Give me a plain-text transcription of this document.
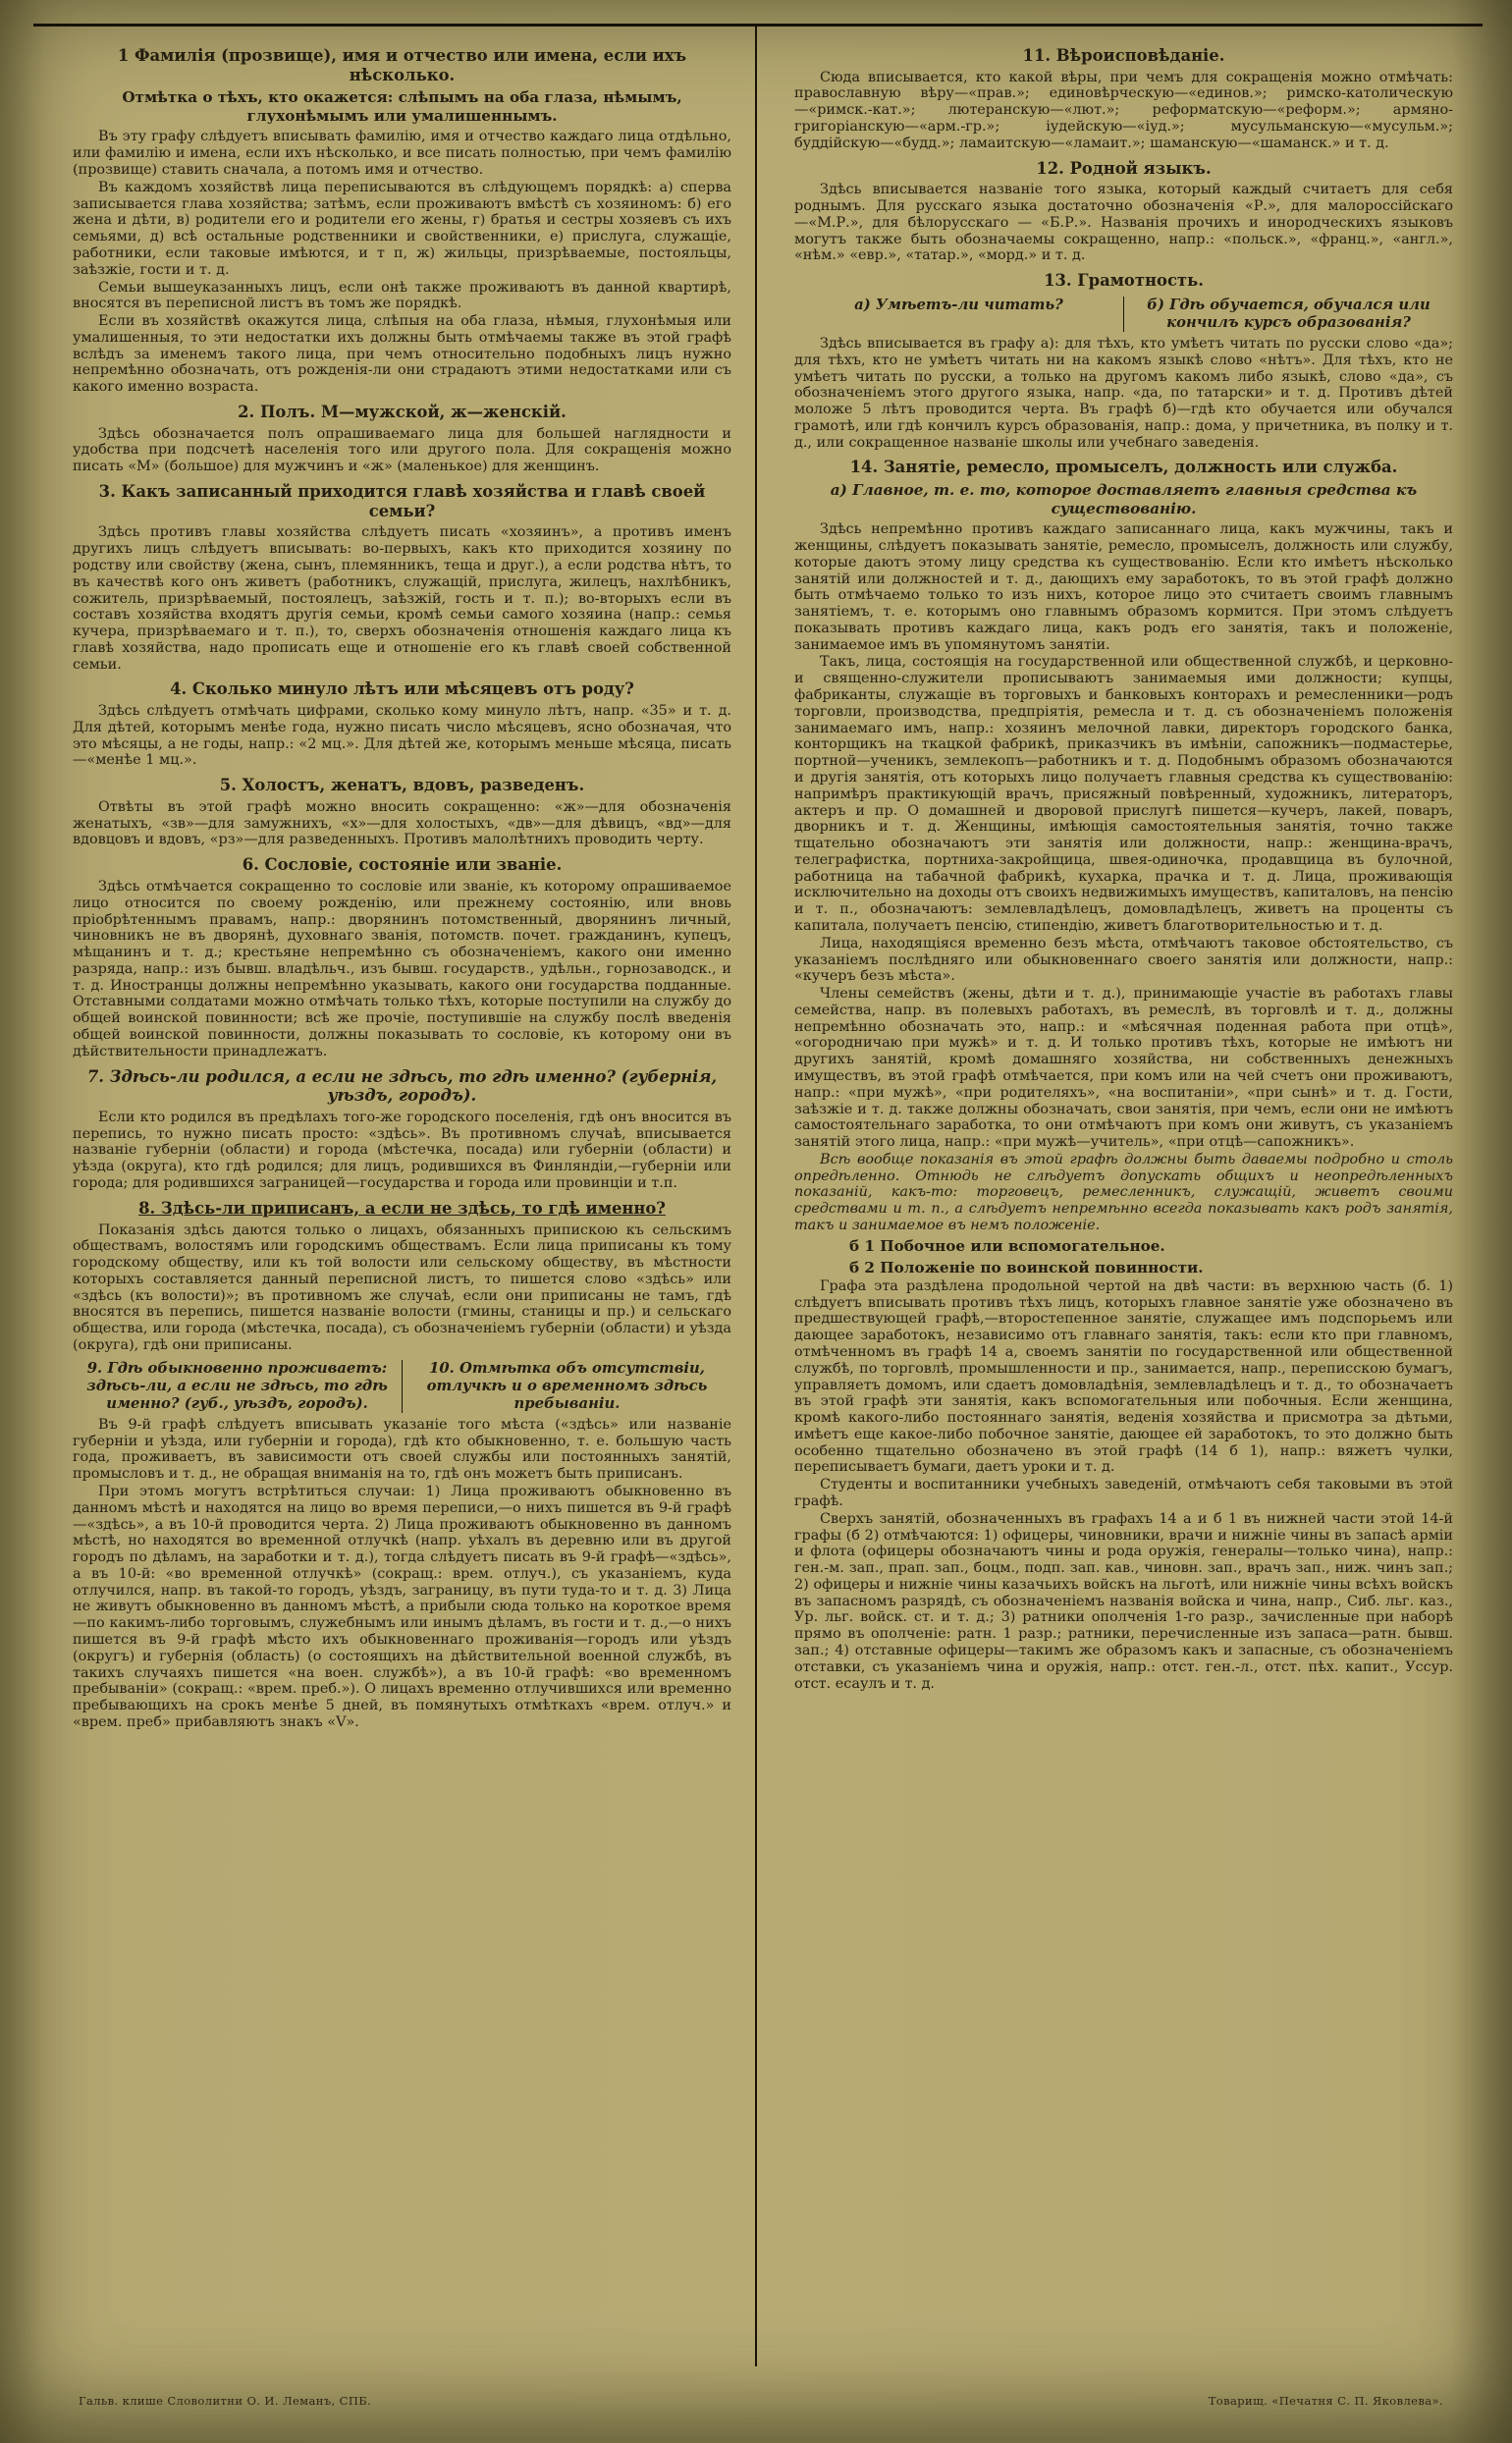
1 Фамилія (прозвище), имя и отчество или имена, если ихъ нѣсколько.
Отмѣтка о тѣхъ, кто окажется: слѣпымъ на оба глаза, нѣмымъ, глухонѣмымъ или умалишеннымъ.
Въ эту графу слѣдуетъ вписывать фамилію, имя и отчество каждаго лица отдѣльно, или фамилію и имена, если ихъ нѣсколько, и все писать полностью, при чемъ фамилію (прозвище) ставить сначала, а потомъ имя и отчество.
Въ каждомъ хозяйствѣ лица переписываются въ слѣдующемъ порядкѣ: а) сперва записывается глава хозяйства; затѣмъ, если проживаютъ вмѣстѣ съ хозяиномъ: б) его жена и дѣти, в) родители его и родители его жены, г) братья и сестры хозяевъ съ ихъ семьями, д) всѣ остальные родственники и свойственники, е) прислуга, служащіе, работники, если таковые имѣются, и т п, ж) жильцы, призрѣваемые, постояльцы, заѣзжіе, гости и т. д.
Семьи вышеуказанныхъ лицъ, если онѣ также проживаютъ въ данной квартирѣ, вносятся въ переписной листъ въ томъ же порядкѣ.
Если въ хозяйствѣ окажутся лица, слѣпыя на оба глаза, нѣмыя, глухонѣмыя или умалишенныя, то эти недостатки ихъ должны быть отмѣчаемы также въ этой графѣ вслѣдъ за именемъ такого лица, при чемъ относительно подобныхъ лицъ нужно непремѣнно обозначать, отъ рожденія-ли они страдаютъ этими недостатками или съ какого именно возраста.
2. Полъ. М—мужской, ж—женскій.
Здѣсь обозначается полъ опрашиваемаго лица для большей наглядности и удобства при подсчетѣ населенія того или другого пола. Для сокращенія можно писать «М» (большое) для мужчинъ и «ж» (маленькое) для женщинъ.
3. Какъ записанный приходится главѣ хозяйства и главѣ своей семьи?
Здѣсь противъ главы хозяйства слѣдуетъ писать «хозяинъ», а противъ именъ другихъ лицъ слѣдуетъ вписывать: во-первыхъ, какъ кто приходится хозяину по родству или свойству (жена, сынъ, племянникъ, теща и друг.), а если родства нѣтъ, то въ качествѣ кого онъ живетъ (работникъ, служащій, прислуга, жилецъ, нахлѣбникъ, сожитель, призрѣваемый, постоялецъ, заѣзжій, гость и т. п.); во-вторыхъ если въ составъ хозяйства входятъ другія семьи, кромѣ семьи самого хозяина (напр.: семья кучера, призрѣваемаго и т. п.), то, сверхъ обозначенія отношенія каждаго лица къ главѣ хозяйства, надо прописать еще и отношеніе его къ главѣ своей собственной семьи.
4. Сколько минуло лѣтъ или мѣсяцевъ отъ роду?
Здѣсь слѣдуетъ отмѣчать цифрами, сколько кому минуло лѣтъ, напр. «35» и т. д. Для дѣтей, которымъ менѣе года, нужно писать число мѣсяцевъ, ясно обозначая, что это мѣсяцы, а не годы, напр.: «2 мц.». Для дѣтей же, которымъ меньше мѣсяца, писать—«менѣе 1 мц.».
5. Холостъ, женатъ, вдовъ, разведенъ.
Отвѣты въ этой графѣ можно вносить сокращенно: «ж»—для обозначенія женатыхъ, «зв»—для замужнихъ, «х»—для холостыхъ, «дв»—для дѣвицъ, «вд»—для вдовцовъ и вдовъ, «рз»—для разведенныхъ. Противъ малолѣтнихъ проводить черту.
6. Сословіе, состояніе или званіе.
Здѣсь отмѣчается сокращенно то сословіе или званіе, къ которому опрашиваемое лицо относится по своему рожденію, или прежнему состоянію, или вновь пріобрѣтеннымъ правамъ, напр.: дворянинъ потомственный, дворянинъ личный, чиновникъ не въ дворянѣ, духовнаго званія, потомств. почет. гражданинъ, купецъ, мѣщанинъ и т. д.; крестьяне непремѣнно съ обозначеніемъ, какого они именно разряда, напр.: изъ бывш. владѣльч., изъ бывш. государств., удѣльн., горнозаводск., и т. д. Иностранцы должны непремѣнно указывать, какого они государства подданные. Отставными солдатами можно отмѣчать только тѣхъ, которые поступили на службу до общей воинской повинности; всѣ же прочіе, поступившіе на службу послѣ введенія общей воинской повинности, должны показывать то сословіе, къ которому они въ дѣйствительности принадлежатъ.
7. Здѣсь-ли родился, а если не здѣсь, то гдѣ именно? (губернія, уѣздъ, городъ).
Если кто родился въ предѣлахъ того-же городского поселенія, гдѣ онъ вносится въ перепись, то нужно писать просто: «здѣсь». Въ противномъ случаѣ, вписывается названіе губерніи (области) и города (мѣстечка, посада) или губерніи (области) и уѣзда (округа), кто гдѣ родился; для лицъ, родившихся въ Финляндіи,—губерніи или города; для родившихся заграницей—государства и города или провинціи и т.п.
8. Здѣсь-ли приписанъ, а если не здѣсь, то гдѣ именно?
Показанія здѣсь даются только о лицахъ, обязанныхъ припискою къ сельскимъ обществамъ, волостямъ или городскимъ обществамъ. Если лица приписаны къ тому городскому обществу, или къ той волости или сельскому обществу, въ мѣстности которыхъ составляется данный переписной листъ, то пишется слово «здѣсь» или «здѣсь (къ волости)»; въ противномъ же случаѣ, если они приписаны не тамъ, гдѣ вносятся въ перепись, пишется названіе волости (гмины, станицы и пр.) и сельскаго общества, или города (мѣстечка, посада), съ обозначеніемъ губерніи (области) и уѣзда (округа), гдѣ они приписаны.
9. Гдѣ обыкновенно проживаетъ: здѣсь-ли, а если не здѣсь, то гдѣ именно? (губ., уѣздъ, городъ).
10. Отмѣтка объ отсутствіи, отлучкѣ и о временномъ здѣсь пребываніи.
Въ 9-й графѣ слѣдуетъ вписывать указаніе того мѣста («здѣсь» или названіе губерніи и уѣзда, или губерніи и города), гдѣ кто обыкновенно, т. е. большую часть года, проживаетъ, въ зависимости отъ своей службы или постоянныхъ занятій, промысловъ и т. д., не обращая вниманія на то, гдѣ онъ можетъ быть приписанъ.
При этомъ могутъ встрѣтиться случаи: 1) Лица проживаютъ обыкновенно въ данномъ мѣстѣ и находятся на лицо во время переписи,—о нихъ пишется въ 9-й графѣ—«здѣсь», а въ 10-й проводится черта. 2) Лица проживаютъ обыкновенно въ данномъ мѣстѣ, но находятся во временной отлучкѣ (напр. уѣхалъ въ деревню или въ другой городъ по дѣламъ, на заработки и т. д.), тогда слѣдуетъ писать въ 9-й графѣ—«здѣсь», а въ 10-й: «во временной отлучкѣ» (сокращ.: врем. отлуч.), съ указаніемъ, куда отлучился, напр. въ такой-то городъ, уѣздъ, заграницу, въ пути туда-то и т. д. 3) Лица не живутъ обыкновенно въ данномъ мѣстѣ, а прибыли сюда только на короткое время—по какимъ-либо торговымъ, служебнымъ или инымъ дѣламъ, въ гости и т. д.,—о нихъ пишется въ 9-й графѣ мѣсто ихъ обыкновеннаго проживанія—городъ или уѣздъ (округъ) и губернія (область) (о состоящихъ на дѣйствительной военной службѣ, въ такихъ случаяхъ пишется «на воен. службѣ»), а въ 10-й графѣ: «во временномъ пребываніи» (сокращ.: «врем. преб.»). О лицахъ временно отлучившихся или временно пребывающихъ на срокъ менѣе 5 дней, въ помянутыхъ отмѣткахъ «врем. отлуч.» и «врем. преб» прибавляютъ знакъ «V».
11. Вѣроисповѣданіе.
Сюда вписывается, кто какой вѣры, при чемъ для сокращенія можно отмѣчать: православную вѣру—«прав.»; единовѣрческую—«единов.»; римско-католическую—«римск.-кат.»; лютеранскую—«лют.»; реформатскую—«реформ.»; армяно-григоріанскую—«арм.-гр.»; іудейскую—«іуд.»; мусульманскую—«мусульм.»; буддійскую—«будд.»; ламаитскую—«ламаит.»; шаманскую—«шаманск.» и т. д.
12. Родной языкъ.
Здѣсь вписывается названіе того языка, который каждый считаетъ для себя роднымъ. Для русскаго языка достаточно обозначенія «Р.», для малороссійскаго—«М.Р.», для бѣлорусскаго — «Б.Р.». Названія прочихъ и инородческихъ языковъ могутъ также быть обозначаемы сокращенно, напр.: «польск.», «франц.», «англ.», «нѣм.» «евр.», «татар.», «морд.» и т. д.
13. Грамотность.
а) Умѣетъ-ли читать?	б) Гдѣ обучается, обучался или кончилъ курсъ образованія?
Здѣсь вписывается въ графу а): для тѣхъ, кто умѣетъ читать по русски слово «да»; для тѣхъ, кто не умѣетъ читать ни на какомъ языкѣ слово «нѣтъ». Для тѣхъ, кто не умѣетъ читать по русски, а только на другомъ какомъ либо языкѣ, слово «да», съ обозначеніемъ этого другого языка, напр. «да, по татарски» и т. д. Противъ дѣтей моложе 5 лѣтъ проводится черта. Въ графѣ б)—гдѣ кто обучается или обучался грамотѣ, или гдѣ кончилъ курсъ образованія, напр.: дома, у причетника, въ полку и т. д., или сокращенное названіе школы или учебнаго заведенія.
14. Занятіе, ремесло, промыселъ, должность или служба.
а) Главное, т. е. то, которое доставляетъ главныя средства къ существованію.
Здѣсь непремѣнно противъ каждаго записаннаго лица, какъ мужчины, такъ и женщины, слѣдуетъ показывать занятіе, ремесло, промыселъ, должность или службу, которые даютъ этому лицу средства къ существованію. Если кто имѣетъ нѣсколько занятій или должностей и т. д., дающихъ ему заработокъ, то въ этой графѣ должно быть отмѣчаемо только то изъ нихъ, которое лицо это считаетъ своимъ главнымъ занятіемъ, т. е. которымъ оно главнымъ образомъ кормится. При этомъ слѣдуетъ показывать противъ каждаго лица, какъ родъ его занятія, такъ и положеніе, занимаемое имъ въ упомянутомъ занятіи.
Такъ, лица, состоящія на государственной или общественной службѣ, и церковно- и священно-служители прописываютъ занимаемыя ими должности; купцы, фабриканты, служащіе въ торговыхъ и банковыхъ конторахъ и ремесленники—родъ торговли, производства, предпріятія, ремесла и т. д. съ обозначеніемъ положенія занимаемаго имъ, напр.: хозяинъ мелочной лавки, директоръ городского банка, конторщикъ на ткацкой фабрикѣ, приказчикъ въ имѣніи, сапожникъ—подмастерье, портной—ученикъ, землекопъ—работникъ и т. д. Подобнымъ образомъ обозначаются и другія занятія, отъ которыхъ лицо получаетъ главныя средства къ существованію: напримѣръ практикующій врачъ, присяжный повѣренный, художникъ, литераторъ, актеръ и пр. О домашней и дворовой прислугѣ пишется—кучеръ, лакей, поваръ, дворникъ и т. д. Женщины, имѣющія самостоятельныя занятія, точно также тщательно обозначаютъ эти занятія или должности, напр.: женщина-врачъ, телеграфистка, портниха-закройщица, швея-одиночка, продавщица въ булочной, работница на табачной фабрикѣ, кухарка, прачка и т. д. Лица, проживающія исключительно на доходы отъ своихъ недвижимыхъ имуществъ, капиталовъ, на пенсію и т. п., обозначаютъ: землевладѣлецъ, домовладѣлецъ, живетъ на проценты съ капитала, получаетъ пенсію, стипендію, живетъ благотворительностью и т. д.
Лица, находящіяся временно безъ мѣста, отмѣчаютъ таковое обстоятельство, съ указаніемъ послѣдняго или обыкновеннаго своего занятія или должности, напр.: «кучеръ безъ мѣста».
Члены семействъ (жены, дѣти и т. д.), принимающіе участіе въ работахъ главы семейства, напр. въ полевыхъ работахъ, въ ремеслѣ, въ торговлѣ и т. д., должны непремѣнно обозначать это, напр.: и «мѣсячная поденная работа при отцѣ», «огородничаю при мужѣ» и т. д. И только противъ тѣхъ, которые не имѣютъ ни другихъ занятій, кромѣ домашняго хозяйства, ни собственныхъ денежныхъ имуществъ, въ этой графѣ отмѣчается, при комъ или на чей счетъ они проживаютъ, напр.: «при мужѣ», «при родителяхъ», «на воспитаніи», «при сынѣ» и т. д. Гости, заѣзжіе и т. д. также должны обозначать, свои занятія, при чемъ, если они не имѣютъ самостоятельнаго заработка, то они отмѣчаютъ при комъ они живутъ, съ указаніемъ занятій этого лица, напр.: «при мужѣ—учитель», «при отцѣ—сапожникъ».
Всѣ вообще показанія въ этой графѣ должны быть даваемы подробно и столь опредѣленно. Отнюдь не слѣдуетъ допускать общихъ и неопредѣленныхъ показаній, какъ-то: торговецъ, ремесленникъ, служащій, живетъ своими средствами и т. п., а слѣдуетъ непремѣнно всегда показывать какъ родъ занятія, такъ и занимаемое въ немъ положеніе.
б 1 Побочное или вспомогательное.
б 2 Положеніе по воинской повинности.
Графа эта раздѣлена продольной чертой на двѣ части: въ верхнюю часть (б. 1) слѣдуетъ вписывать противъ тѣхъ лицъ, которыхъ главное занятіе уже обозначено въ предшествующей графѣ,—второстепенное занятіе, служащее имъ подспорьемъ или дающее заработокъ, независимо отъ главнаго занятія, такъ: если кто при главномъ, отмѣченномъ въ графѣ 14 а, своемъ занятіи по государственной или общественной службѣ, по торговлѣ, промышленности и пр., занимается, напр., переписскою бумагъ, управляетъ домомъ, или сдаетъ домовладѣнія, землевладѣлецъ и т. д., то обозначаетъ въ этой графѣ эти занятія, какъ вспомогательныя или побочныя. Если женщина, кромѣ какого-либо постояннаго занятія, веденія хозяйства и присмотра за дѣтьми, имѣетъ еще какое-либо побочное занятіе, дающее ей заработокъ, то это должно быть особенно тщательно обозначено въ этой графѣ (14 б 1), напр.: вяжетъ чулки, переписываетъ бумаги, даетъ уроки и т. д.
Студенты и воспитанники учебныхъ заведеній, отмѣчаютъ себя таковыми въ этой графѣ.
Сверхъ занятій, обозначенныхъ въ графахъ 14 а и б 1 въ нижней части этой 14-й графы (б 2) отмѣчаются: 1) офицеры, чиновники, врачи и нижніе чины въ запасѣ арміи и флота (офицеры обозначаютъ чины и рода оружія, генералы—только чина), напр.: ген.-м. зап., прап. зап., боцм., подп. зап. кав., чиновн. зап., врачъ зап., ниж. чинъ зап.; 2) офицеры и нижніе чины казачьихъ войскъ на льготѣ, или нижніе чины всѣхъ войскъ въ запасномъ разрядѣ, съ обозначеніемъ названія войска и чина, напр., Сиб. льг. каз., Ур. льг. войск. ст. и т. д.; 3) ратники ополченія 1-го разр., зачисленные при наборѣ прямо въ ополченіе: ратн. 1 разр.; ратники, перечисленные изъ запаса—ратн. бывш. зап.; 4) отставные офицеры—такимъ же образомъ какъ и запасные, съ обозначеніемъ отставки, съ указаніемъ чина и оружія, напр.: отст. ген.-л., отст. пѣх. капит., Уссур. отст. есаулъ и т. д.
Гальв. клише Словолитни О. И. Леманъ, СПБ.	Товарищ. «Печатня С. П. Яковлева».
